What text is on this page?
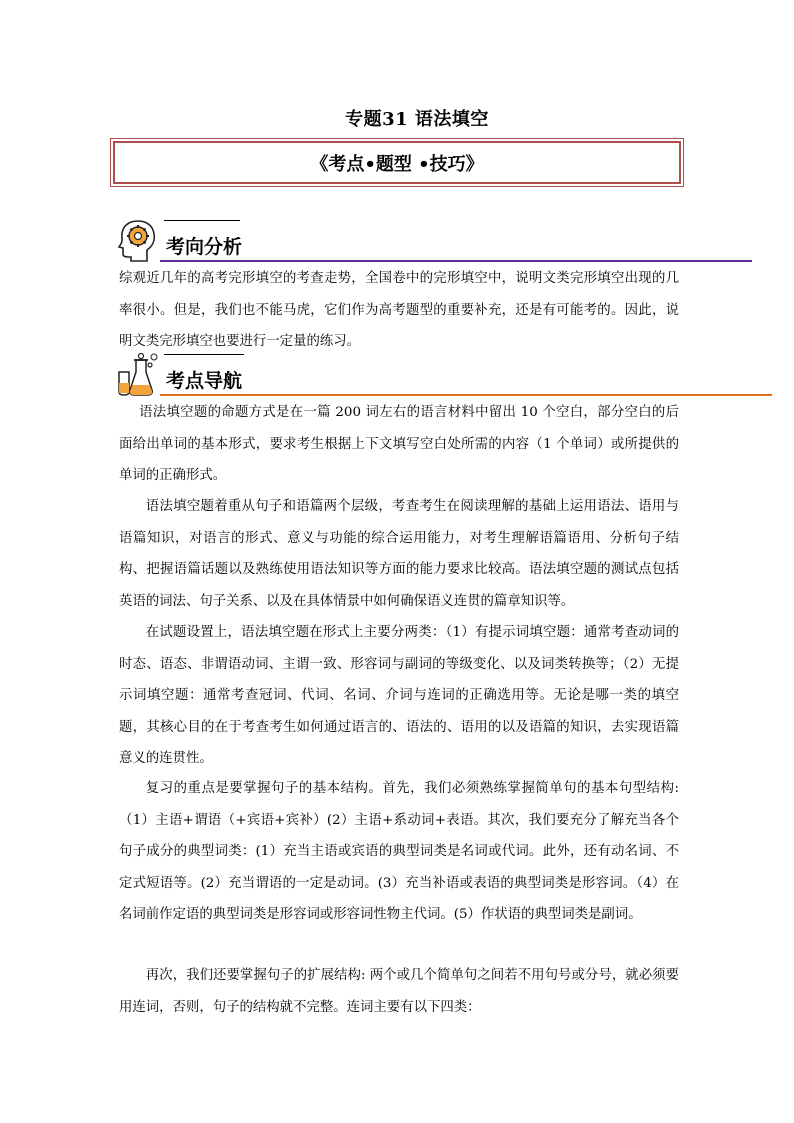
专题31 语法填空
《考点•题型 •技巧》
考向分析

综观近几年的高考完形填空的考查走势，全国卷中的完形填空中，说明文类完形填空出现的几率很小。但是，我们也不能马虎，它们作为高考题型的重要补充，还是有可能考的。因此，说明文类完形填空也要进行一定量的练习。

考点导航

语法填空题的命题方式是在一篇 200 词左右的语言材料中留出 10 个空白，部分空白的后面给出单词的基本形式，要求考生根据上下文填写空白处所需的内容（1 个单词）或所提供的单词的正确形式。

语法填空题着重从句子和语篇两个层级，考查考生在阅读理解的基础上运用语法、语用与语篇知识，对语言的形式、意义与功能的综合运用能力，对考生理解语篇语用、分析句子结构、把握语篇话题以及熟练使用语法知识等方面的能力要求比较高。语法填空题的测试点包括英语的词法、句子关系、以及在具体情景中如何确保语义连贯的篇章知识等。

在试题设置上，语法填空题在形式上主要分两类：（1）有提示词填空题：通常考查动词的时态、语态、非谓语动词、主谓一致、形容词与副词的等级变化、以及词类转换等；（2）无提示词填空题：通常考查冠词、代词、名词、介词与连词的正确选用等。无论是哪一类的填空题，其核心目的在于考查考生如何通过语言的、语法的、语用的以及语篇的知识，去实现语篇意义的连贯性。

复习的重点是要掌握句子的基本结构。首先，我们必须熟练掌握简单句的基本句型结构:（1）主语+谓语（+宾语+宾补）(2）主语+系动词+表语。其次，我们要充分了解充当各个句子成分的典型词类：(1）充当主语或宾语的典型词类是名词或代词。此外，还有动名词、不定式短语等。(2）充当谓语的一定是动词。(3）充当补语或表语的典型词类是形容词。（4）在名词前作定语的典型词类是形容词或形容词性物主代词。(5）作状语的典型词类是副词。

再次，我们还要掌握句子的扩展结构: 两个或几个简单句之间若不用句号或分号，就必须要用连词，否则，句子的结构就不完整。连词主要有以下四类：
